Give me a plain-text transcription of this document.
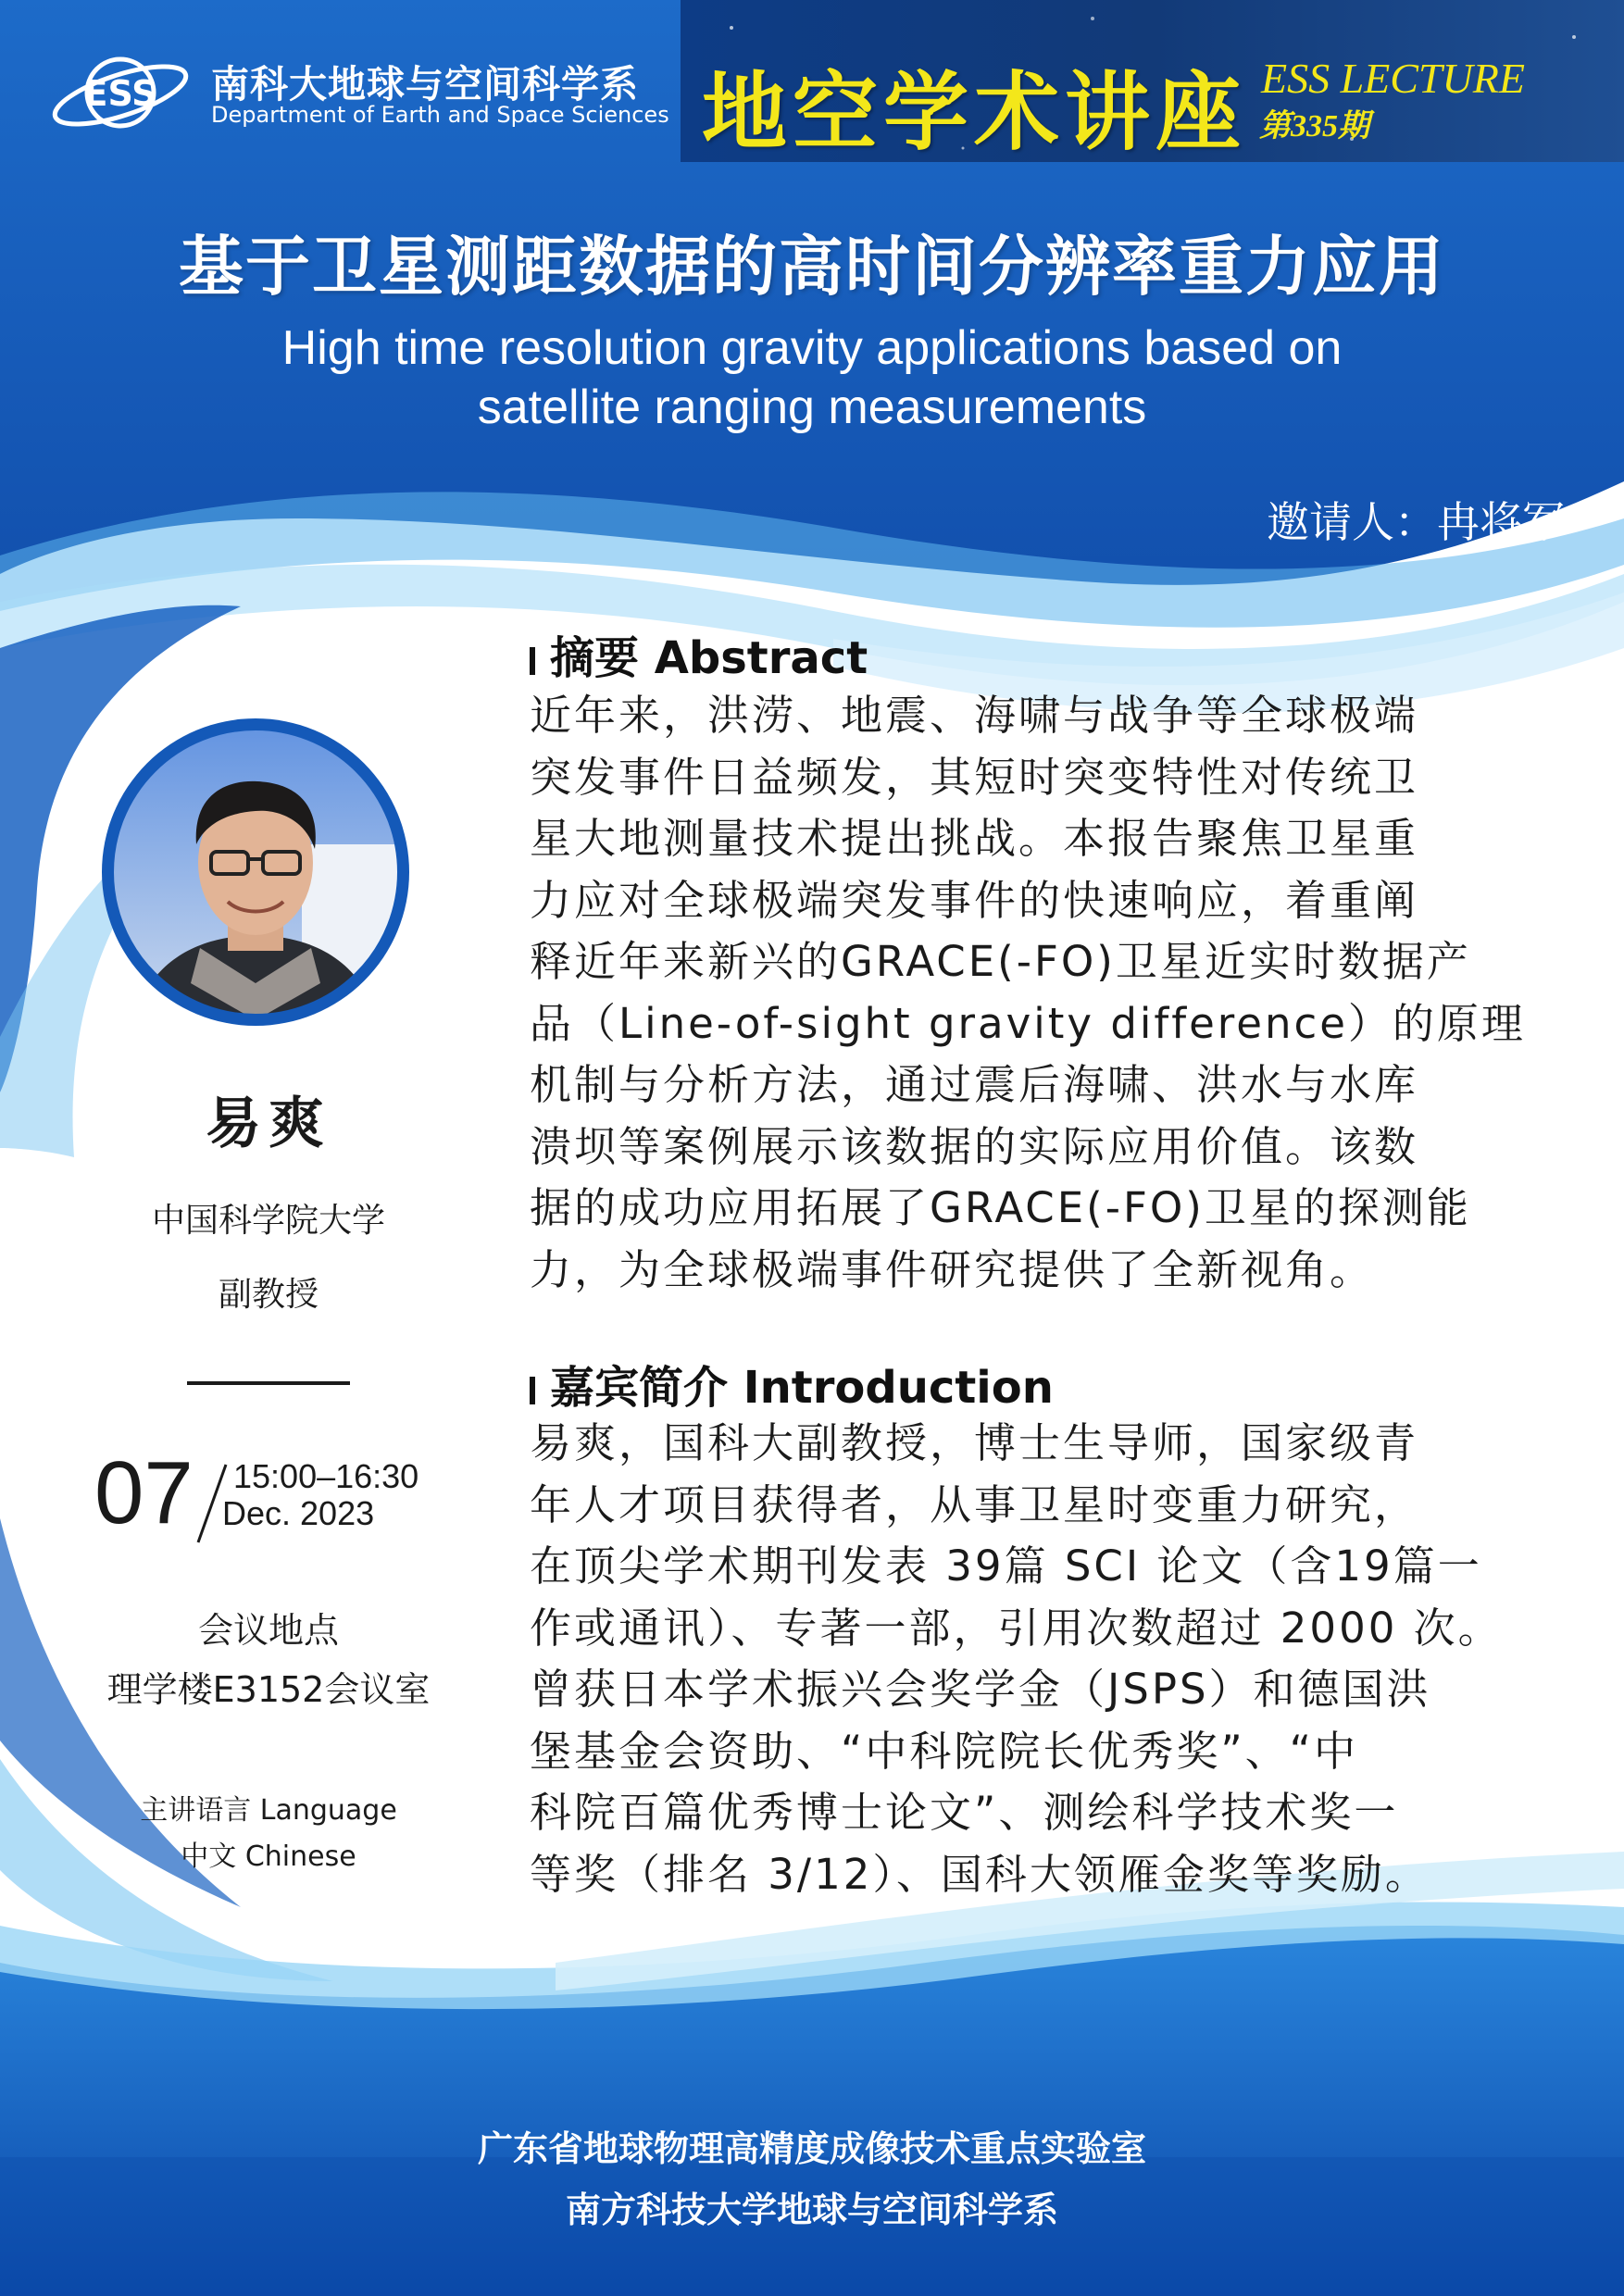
ESS 南科大地球与空间科学系
Department of Earth and Space Sciences 地空学术讲座 ESS LECTURE
第335期
基于卫星测距数据的高时间分辨率重力应用
High time resolution gravity applications based on
satellite ranging measurements
邀请人：冉将军
易爽
中国科学院大学
副教授
07 15:00–16:30
Dec. 2023
会议地点
理学楼E3152会议室
主讲语言 Language
中文 Chinese
摘要 Abstract
近年来，洪涝、地震、海啸与战争等全球极端
突发事件日益频发，其短时突变特性对传统卫
星大地测量技术提出挑战。本报告聚焦卫星重
力应对全球极端突发事件的快速响应，着重阐
释近年来新兴的GRACE(-FO)卫星近实时数据产
品（Line-of-sight gravity difference）的原理
机制与分析方法，通过震后海啸、洪水与水库
溃坝等案例展示该数据的实际应用价值。该数
据的成功应用拓展了GRACE(-FO)卫星的探测能
力，为全球极端事件研究提供了全新视角。
嘉宾简介 Introduction
易爽，国科大副教授，博士生导师，国家级青
年人才项目获得者，从事卫星时变重力研究，
在顶尖学术期刊发表 39篇 SCI 论文（含19篇一
作或通讯）、专著一部，引用次数超过 2000 次。
曾获日本学术振兴会奖学金（JSPS）和德国洪
堡基金会资助、“中科院院长优秀奖”、“中
科院百篇优秀博士论文”、测绘科学技术奖一
等奖（排名 3/12）、国科大领雁金奖等奖励。
广东省地球物理高精度成像技术重点实验室
南方科技大学地球与空间科学系
